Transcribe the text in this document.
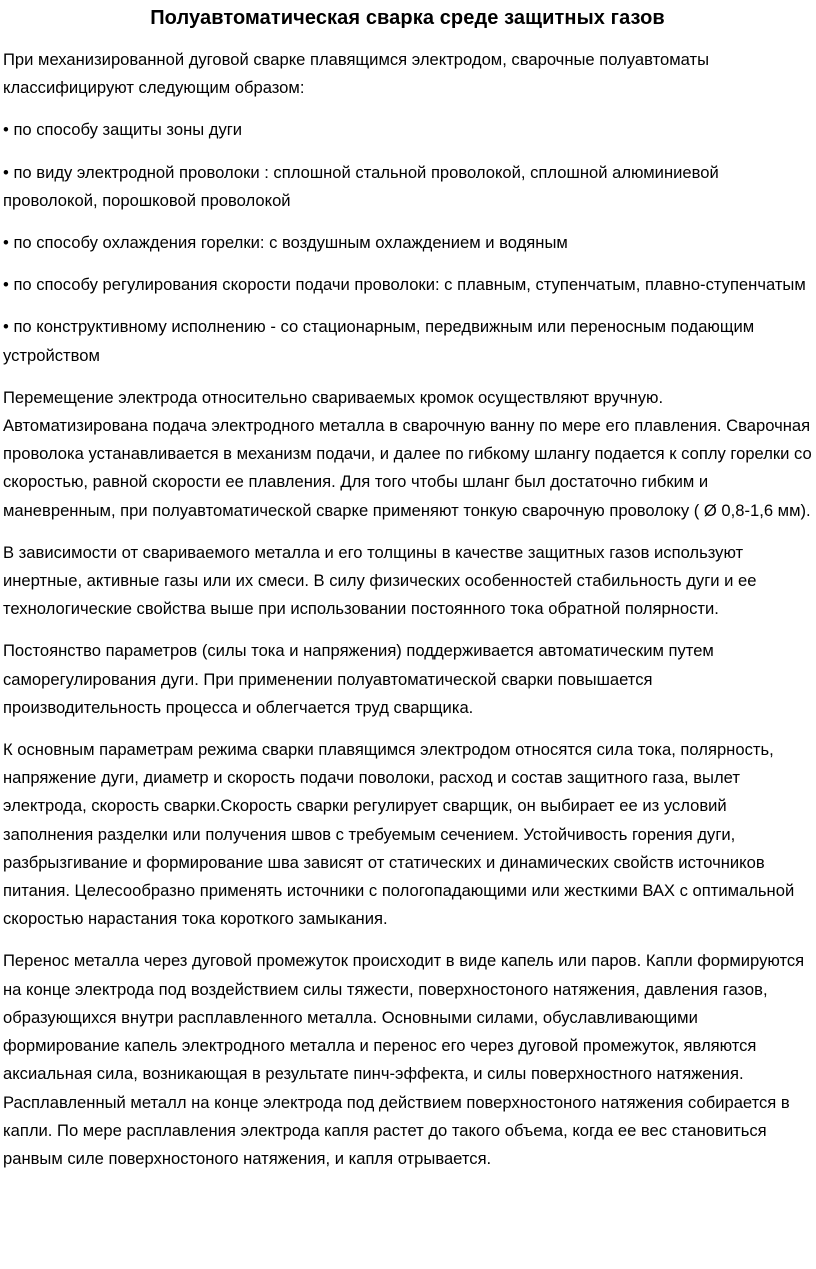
Полуавтоматическая сварка среде защитных газов

При механизированной дуговой сварке плавящимся электродом, сварочные полуавтоматы классифицируют следующим образом:

• по способу защиты зоны дуги

• по виду электродной проволоки : сплошной стальной проволокой, сплошной алюминиевой проволокой, порошковой проволокой

• по способу охлаждения горелки: с воздушным охлаждением и водяным

• по способу регулирования скорости подачи проволоки: с плавным, ступенчатым, плавно-ступенчатым

• по конструктивному исполнению - со стационарным, передвижным или переносным подающим устройством

Перемещение электрода относительно свариваемых кромок осуществляют вручную. Автоматизирована подача электродного металла в сварочную ванну по мере его плавления. Сварочная проволока устанавливается в механизм подачи, и далее по гибкому шлангу подается к соплу горелки со скоростью, равной скорости ее плавления. Для того чтобы шланг был достаточно гибким и маневренным, при полуавтоматической сварке применяют тонкую сварочную проволоку ( Ø 0,8-1,6 мм).

В зависимости от свариваемого металла и его толщины в качестве защитных газов используют инертные, активные газы или их смеси. В силу физических особенностей стабильность дуги и ее технологические свойства выше при использовании постоянного тока обратной полярности.

Постоянство параметров (силы тока и напряжения) поддерживается автоматическим путем саморегулирования дуги. При применении полуавтоматической сварки повышается производительность процесса и облегчается труд сварщика.

К основным параметрам режима сварки плавящимся электродом относятся сила тока, полярность, напряжение дуги, диаметр и скорость подачи поволоки, расход и состав защитного газа, вылет электрода, скорость сварки.Скорость сварки регулирует сварщик, он выбирает ее из условий заполнения разделки или получения швов с требуемым сечением. Устойчивость горения дуги, разбрызгивание и формирование шва зависят от статических и динамических свойств источников питания. Целесообразно применять источники с пологопадающими или жесткими ВАХ с оптимальной скоростью нарастания тока короткого замыкания.

Перенос металла через дуговой промежуток происходит в виде капель или паров. Капли формируются на конце электрода под воздействием силы тяжести, поверхностоного натяжения, давления газов, образующихся внутри расплавленного металла. Основными силами, обуславливающими формирование капель электродного металла и перенос его через дуговой промежуток, являются аксиальная сила, возникающая в результате пинч-эффекта, и силы поверхностного натяжения. Расплавленный металл на конце электрода под действием поверхностоного натяжения собирается в капли. По мере расплавления электрода капля растет до такого объема, когда ее вес становиться ранвым силе поверхностоного натяжения, и капля отрывается.
